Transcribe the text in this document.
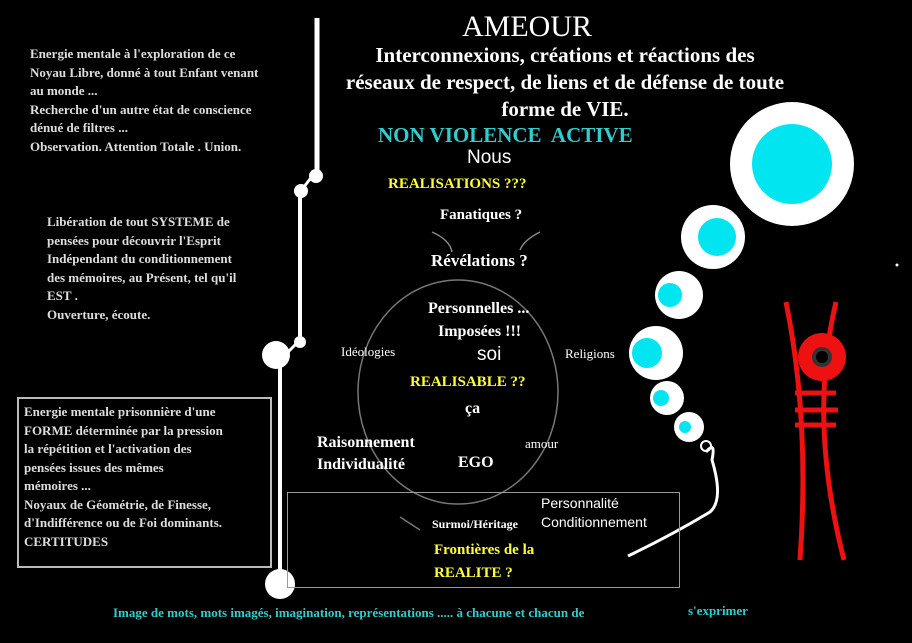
AMEOUR
Interconnexions, créations et réactions des réseaux de respect, de liens et de défense de toute forme de VIE.
NON VIOLENCE  ACTIVE
Energie mentale à l'exploration de ce
Noyau Libre, donné à tout Enfant venant
au monde ...
Recherche d'un autre état de conscience
dénué de filtres ...
Observation. Attention Totale . Union.
Libération de tout SYSTEME de
pensées pour découvrir l'Esprit
Indépendant du conditionnement
des mémoires, au Présent, tel qu'il
EST .
Ouverture, écoute.
Energie mentale prisonnière d'une
FORME déterminée par la pression
la répétition et l'activation des
pensées issues des mêmes
mémoires ...
Noyaux de Géométrie, de Finesse,
d'Indifférence ou de Foi dominants.
CERTITUDES
Nous
REALISATIONS ???
Fanatiques ?
Révélations ?
Personnelles ...
Imposées !!!
Idéologies	soi	Religions
REALISABLE ??
ça
Raisonnement
Individualité
amour
EGO
Surmoi/Héritage
Personnalité
Conditionnement
Frontières de la
REALITE ?
Image de mots, mots imagés, imagination, représentations ..... à chacune et chacun de	s'exprimer
